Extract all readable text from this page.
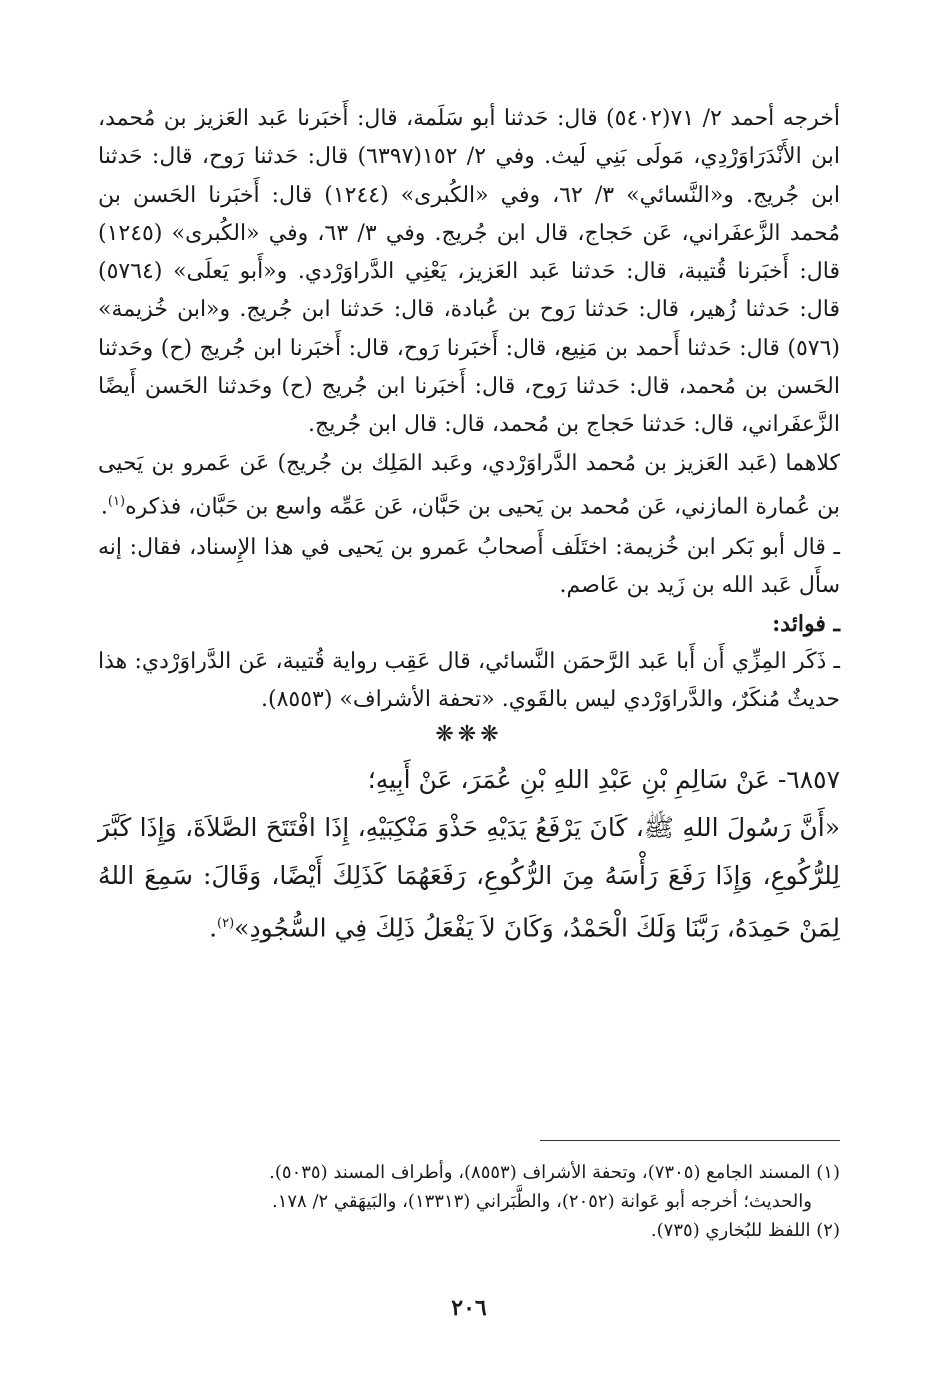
أخرجه أحمد ٢/ ٧١(٥٤٠٢) قال: حَدثنا أبو سَلَمة، قال: أَخبَرنا عَبد العَزيز بن مُحمد، ابن الأَنْدَرَاوَرْدِي، مَولَى بَنِي لَيث. وفي ٢/ ١٥٢(٦٣٩٧) قال: حَدثنا رَوح، قال: حَدثنا ابن جُريج. و«النَّسائي» ٣/ ٦٢، وفي «الكُبرى» (١٢٤٤) قال: أَخبَرنا الحَسن بن مُحمد الزَّعفَراني، عَن حَجاج، قال ابن جُريج. وفي ٣/ ٦٣، وفي «الكُبرى» (١٢٤٥) قال: أَخبَرنا قُتيبة، قال: حَدثنا عَبد العَزيز، يَعْنِي الدَّراوَرْدي. و«أَبو يَعلَى» (٥٧٦٤) قال: حَدثنا زُهير، قال: حَدثنا رَوح بن عُبادة، قال: حَدثنا ابن جُريج. و«ابن خُزيمة» (٥٧٦) قال: حَدثنا أَحمد بن مَنِيع، قال: أَخبَرنا رَوح، قال: أَخبَرنا ابن جُريج (ح) وحَدثنا الحَسن بن مُحمد، قال: حَدثنا رَوح، قال: أَخبَرنا ابن جُريج (ح) وحَدثنا الحَسن أَيضًا الزَّعفَراني، قال: حَدثنا حَجاج بن مُحمد، قال: قال ابن جُريج.

كلاهما (عَبد العَزيز بن مُحمد الدَّراوَرْدي، وعَبد المَلِك بن جُريج) عَن عَمرو بن يَحيى بن عُمارة المازني، عَن مُحمد بن يَحيى بن حَبَّان، عَن عَمِّه واسع بن حَبَّان، فذكره$^{(١)}$.

ـ قال أبو بَكر ابن خُزيمة: اختَلَف أَصحابُ عَمرو بن يَحيى في هذا الإِسناد، فقال: إنه سأَل عَبد الله بن زَيد بن عَاصم.

ـ فوائد:

ـ ذَكَر المِزِّي أَن أَبا عَبد الرَّحمَن النَّسائي، قال عَقِب رواية قُتيبة، عَن الدَّراوَرْدي: هذا حديثٌ مُنكَرٌ، والدَّراوَرْدي ليس بالقَوي. «تحفة الأشراف» (٨٥٥٣).

❋❋❋

٦٨٥٧- عَنْ سَالِمِ بْنِ عَبْدِ اللهِ بْنِ عُمَرَ، عَنْ أَبِيهِ؛

«أَنَّ رَسُولَ اللهِ ﷺ، كَانَ يَرْفَعُ يَدَيْهِ حَذْوَ مَنْكِبَيْهِ، إِذَا افْتَتَحَ الصَّلاَةَ، وَإِذَا كَبَّرَ لِلرُّكُوعِ، وَإِذَا رَفَعَ رَأْسَهُ مِنَ الرُّكُوعِ، رَفَعَهُمَا كَذَلِكَ أَيْضًا، وَقَالَ: سَمِعَ اللهُ لِمَنْ حَمِدَهُ، رَبَّنَا وَلَكَ الْحَمْدُ، وَكَانَ لاَ يَفْعَلُ ذَلِكَ فِي السُّجُودِ»$^{(٢)}$.

(١) المسند الجامع (٧٣٠٥)، وتحفة الأشراف (٨٥٥٣)، وأطراف المسند (٥٠٣٥).

والحديث؛ أخرجه أبو عَوانة (٢٠٥٢)، والطَّبَراني (١٣٣١٣)، والبَيهَقي ٢/ ١٧٨.

(٢) اللفظ للبُخاري (٧٣٥).

٢٠٦
